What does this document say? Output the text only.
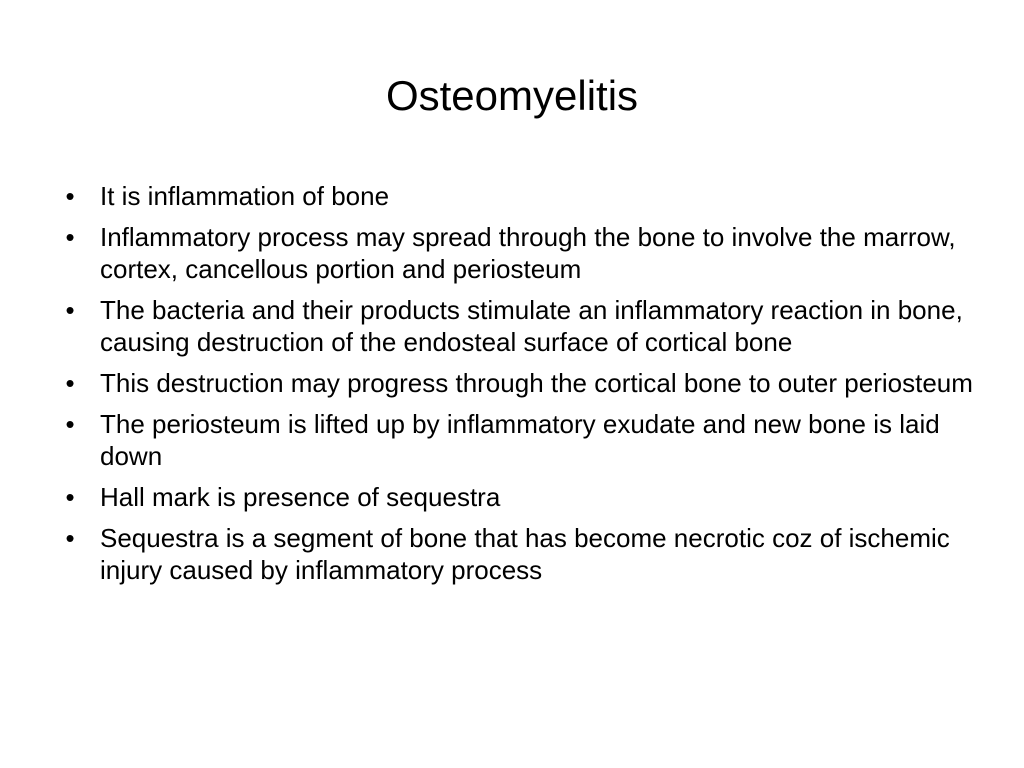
Osteomyelitis
• It is inflammation of bone
• Inflammatory process may spread through the bone to involve the marrow, cortex, cancellous portion and periosteum
• The bacteria and their products stimulate an inflammatory reaction in bone, causing destruction of the endosteal surface of cortical bone
• This destruction may progress through the cortical bone to outer periosteum
• The periosteum is lifted up by inflammatory exudate and new bone is laid down
• Hall mark is presence of sequestra
• Sequestra is a segment of bone that has become necrotic coz of ischemic injury caused by inflammatory process
